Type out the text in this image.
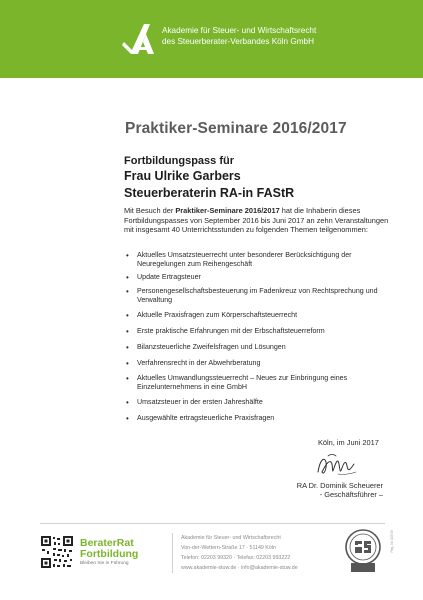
Akademie für Steuer- und Wirtschaftsrecht
des Steuerberater-Verbandes Köln GmbH
Praktiker-Seminare 2016/2017
Fortbildungspass für
Frau Ulrike Garbers
Steuerberaterin RA-in FAStR
Mit Besuch der Praktiker-Seminare 2016/2017 hat die Inhaberin dieses Fortbildungspasses von September 2016 bis Juni 2017 an zehn Veranstaltungen mit insgesamt 40 Unterrichtsstunden zu folgenden Themen teilgenommen:
• Aktuelles Umsatzsteuerrecht unter besonderer Berücksichtigung der Neuregelungen zum Reihengeschäft
• Update Ertragsteuer
• Personengesellschaftsbesteuerung im Fadenkreuz von Rechtsprechung und Verwaltung
• Aktuelle Praxisfragen zum Körperschaftsteuerrecht
• Erste praktische Erfahrungen mit der Erbschaftsteuerreform
• Bilanzsteuerliche Zweifelsfragen und Lösungen
• Verfahrensrecht in der Abwehrberatung
• Aktuelles Umwandlungssteuerrecht – Neues zur Einbringung eines Einzelunternehmens in eine GmbH
• Umsatzsteuer in der ersten Jahreshälfte
• Ausgewählte ertragsteuerliche Praxisfragen
Köln, im Juni 2017
RA Dr. Dominik Scheuerer
- Geschäftsführer –
BeraterRat
Fortbildung
Bleiben Sie in Führung
Akademie für Steuer- und Wirtschaftsrecht
Von-der-Wettern-Straße 17 · 51149 Köln
Telefon: 02203 99320 · Telefax: 02203 993222
www.akademie-stuw.de · info@akademie-stuw.de
Reg.-Nr. 003 05
